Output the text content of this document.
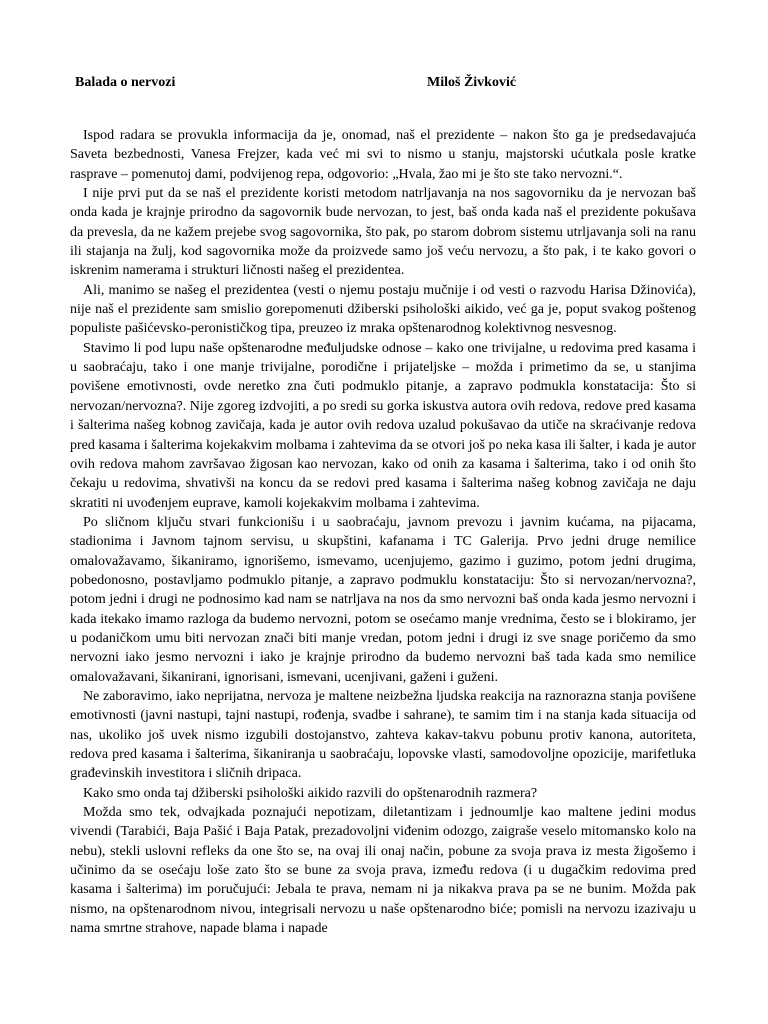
Balada o nervozi	Miloš Živković

Ispod radara se provukla informacija da je, onomad, naš el prezidente – nakon što ga je predsedavajuća Saveta bezbednosti, Vanesa Frejzer, kada već mi svi to nismo u stanju, majstorski ućutkala posle kratke rasprave – pomenutoj dami, podvijenog repa, odgovorio: „Hvala, žao mi je što ste tako nervozni.“.

I nije prvi put da se naš el prezidente koristi metodom natrljavanja na nos sagovorniku da je nervozan baš onda kada je krajnje prirodno da sagovornik bude nervozan, to jest, baš onda kada naš el prezidente pokušava da prevesla, da ne kažem prejebe svog sagovornika, što pak, po starom dobrom sistemu utrljavanja soli na ranu ili stajanja na žulj, kod sagovornika može da proizvede samo još veću nervozu, a što pak, i te kako govori o iskrenim namerama i strukturi ličnosti našeg el prezidentea.

Ali, manimo se našeg el prezidentea (vesti o njemu postaju mučnije i od vesti o razvodu Harisa Džinovića), nije naš el prezidente sam smislio gorepomenuti džiberski psihološki aikido, već ga je, poput svakog poštenog populiste pašićevsko-peronističkog tipa, preuzeo iz mraka opštenarodnog kolektivnog nesvesnog.

Stavimo li pod lupu naše opštenarodne međuljudske odnose – kako one trivijalne, u redovima pred kasama i u saobraćaju, tako i one manje trivijalne, porodične i prijateljske – možda i primetimo da se, u stanjima povišene emotivnosti, ovde neretko zna čuti podmuklo pitanje, a zapravo podmukla konstatacija: Što si nervozan/nervozna?. Nije zgoreg izdvojiti, a po sredi su gorka iskustva autora ovih redova, redove pred kasama i šalterima našeg kobnog zavičaja, kada je autor ovih redova uzalud pokušavao da utiče na skraćivanje redova pred kasama i šalterima kojekakvim molbama i zahtevima da se otvori još po neka kasa ili šalter, i kada je autor ovih redova mahom završavao žigosan kao nervozan, kako od onih za kasama i šalterima, tako i od onih što čekaju u redovima, shvativši na koncu da se redovi pred kasama i šalterima našeg kobnog zavičaja ne daju skratiti ni uvođenjem euprave, kamoli kojekakvim molbama i zahtevima.

Po sličnom ključu stvari funkcionišu i u saobraćaju, javnom prevozu i javnim kućama, na pijacama, stadionima i Javnom tajnom servisu, u skupštini, kafanama i TC Galerija. Prvo jedni druge nemilice omalovažavamo, šikaniramo, ignorišemo, ismevamo, ucenjujemo, gazimo i guzimo, potom jedni drugima, pobedonosno, postavljamo podmuklo pitanje, a zapravo podmuklu konstataciju: Što si nervozan/nervozna?, potom jedni i drugi ne podnosimo kad nam se natrljava na nos da smo nervozni baš onda kada jesmo nervozni i kada itekako imamo razloga da budemo nervozni, potom se osećamo manje vrednima, često se i blokiramo, jer u podaničkom umu biti nervozan znači biti manje vredan, potom jedni i drugi iz sve snage poričemo da smo nervozni iako jesmo nervozni i iako je krajnje prirodno da budemo nervozni baš tada kada smo nemilice omalovažavani, šikanirani, ignorisani, ismevani, ucenjivani, gaženi i guženi.

Ne zaboravimo, iako neprijatna, nervoza je maltene neizbežna ljudska reakcija na raznorazna stanja povišene emotivnosti (javni nastupi, tajni nastupi, rođenja, svadbe i sahrane), te samim tim i na stanja kada situacija od nas, ukoliko još uvek nismo izgubili dostojanstvo, zahteva kakav-takvu pobunu protiv kanona, autoriteta, redova pred kasama i šalterima, šikaniranja u saobraćaju, lopovske vlasti, samodovoljne opozicije, marifetluka građevinskih investitora i sličnih dripaca.

Kako smo onda taj džiberski psihološki aikido razvili do opštenarodnih razmera?

Možda smo tek, odvajkada poznajući nepotizam, diletantizam i jednoumlje kao maltene jedini modus vivendi (Tarabići, Baja Pašić i Baja Patak, prezadovoljni viđenim odozgo, zaigraše veselo mitomansko kolo na nebu), stekli uslovni refleks da one što se, na ovaj ili onaj način, pobune za svoja prava iz mesta žigošemo i učinimo da se osećaju loše zato što se bune za svoja prava, između redova (i u dugačkim redovima pred kasama i šalterima) im poručujući: Jebala te prava, nemam ni ja nikakva prava pa se ne bunim. Možda pak nismo, na opštenarodnom nivou, integrisali nervozu u naše opštenarodno biće; pomisli na nervozu izazivaju u nama smrtne strahove, napade blama i napade
